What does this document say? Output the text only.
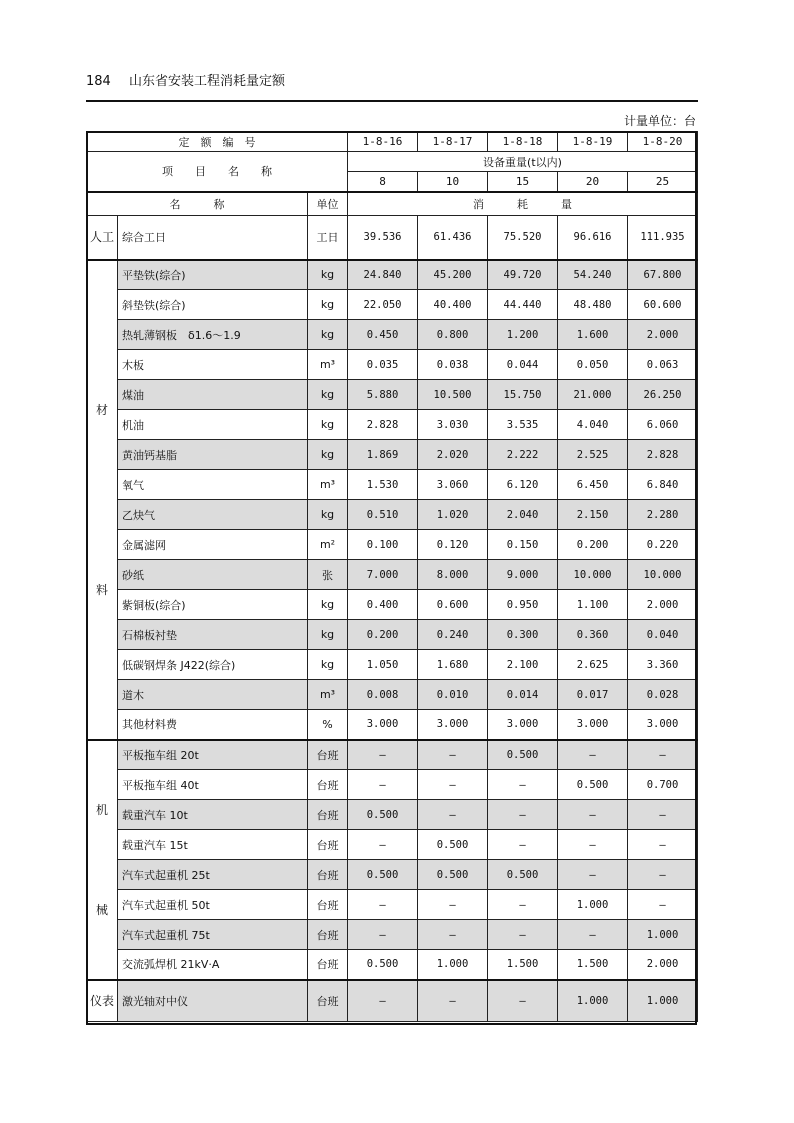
184 山东省安装工程消耗量定额
计量单位：台
定　额　编　号			1-8-16	1-8-17	1-8-18	1-8-19	1-8-20
项　　目　　名　　称			设备重量(t以内)				
			8	10	15	20	25
名　　　称		单位	消　　　耗　　　量				

人工	综合工日	工日	39.536	61.436	75.520	96.616	111.935

材
料	平垫铁(综合)	kg	24.840	45.200	49.720	54.240	67.800
	斜垫铁(综合)	kg	22.050	40.400	44.440	48.480	60.600
	热轧薄钢板　δ1.6～1.9	kg	0.450	0.800	1.200	1.600	2.000
	木板	m³	0.035	0.038	0.044	0.050	0.063
	煤油	kg	5.880	10.500	15.750	21.000	26.250
	机油	kg	2.828	3.030	3.535	4.040	6.060
	黄油钙基脂	kg	1.869	2.020	2.222	2.525	2.828
	氧气	m³	1.530	3.060	6.120	6.450	6.840
	乙炔气	kg	0.510	1.020	2.040	2.150	2.280
	金属滤网	m²	0.100	0.120	0.150	0.200	0.220
	砂纸	张	7.000	8.000	9.000	10.000	10.000
	紫铜板(综合)	kg	0.400	0.600	0.950	1.100	2.000
	石棉板衬垫	kg	0.200	0.240	0.300	0.360	0.040
	低碳钢焊条 J422(综合)	kg	1.050	1.680	2.100	2.625	3.360
	道木	m³	0.008	0.010	0.014	0.017	0.028
	其他材料费	%	3.000	3.000	3.000	3.000	3.000

机
械	平板拖车组 20t	台班	—	—	0.500	—	—
	平板拖车组 40t	台班	—	—	—	0.500	0.700
	载重汽车 10t	台班	0.500	—	—	—	—
	载重汽车 15t	台班	—	0.500	—	—	—
	汽车式起重机 25t	台班	0.500	0.500	0.500	—	—
	汽车式起重机 50t	台班	—	—	—	1.000	—
	汽车式起重机 75t	台班	—	—	—	—	1.000
	交流弧焊机 21kV·A	台班	0.500	1.000	1.500	1.500	2.000

仪表	激光轴对中仪	台班	—	—	—	1.000	1.000
